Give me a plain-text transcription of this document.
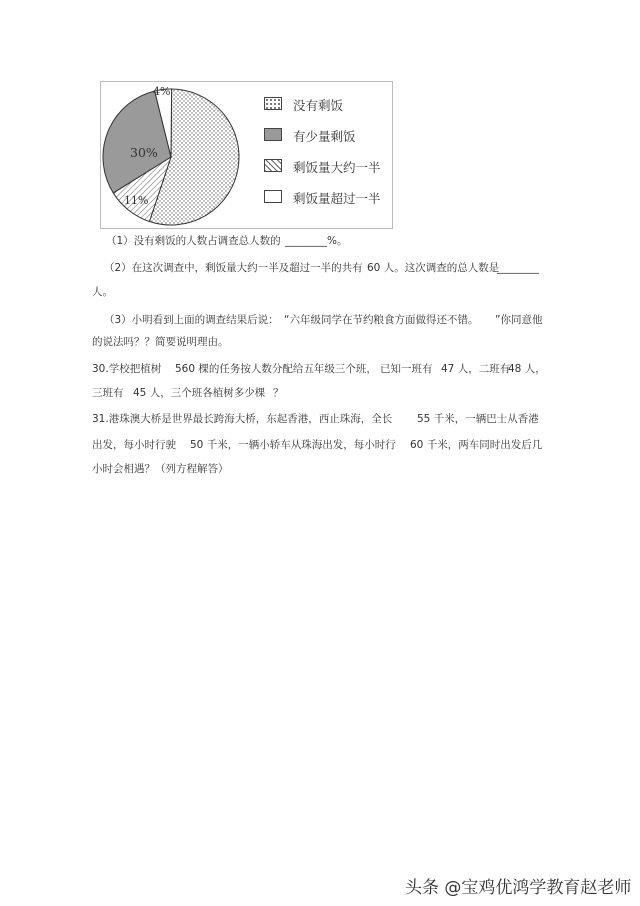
30%
11%
4%
没有剩饭
有少量剩饭
剩饭量大约一半
剩饭量超过一半
（1）没有剩饭的人数占调查总人数的 ________%。
（2）在这次调查中，剩饭量大约一半及超过一半的共有 60 人。这次调查的总人数是
________
人。
（3）小明看到上面的调查结果后说： “六年级同学在节约粮食方面做得还不错。 ”你同意他
的说法吗？？简要说明理由。
30.学校把植树 560 棵的任务按人数分配给五年级三个班， 已知一班有 47 人，二班有
48 人，
三班有 45 人，三个班各植树多少棵 ？
31.港珠澳大桥是世界最长跨海大桥，东起香港，西止珠海，全长 55 千米，一辆巴士从香港
出发，每小时行驶 50 千米，一辆小轿车从珠海出发，每小时行 60 千米，两车同时出发后几
小时会相遇？（列方程解答）
头条 @宝鸡优鸿学教育赵老师
